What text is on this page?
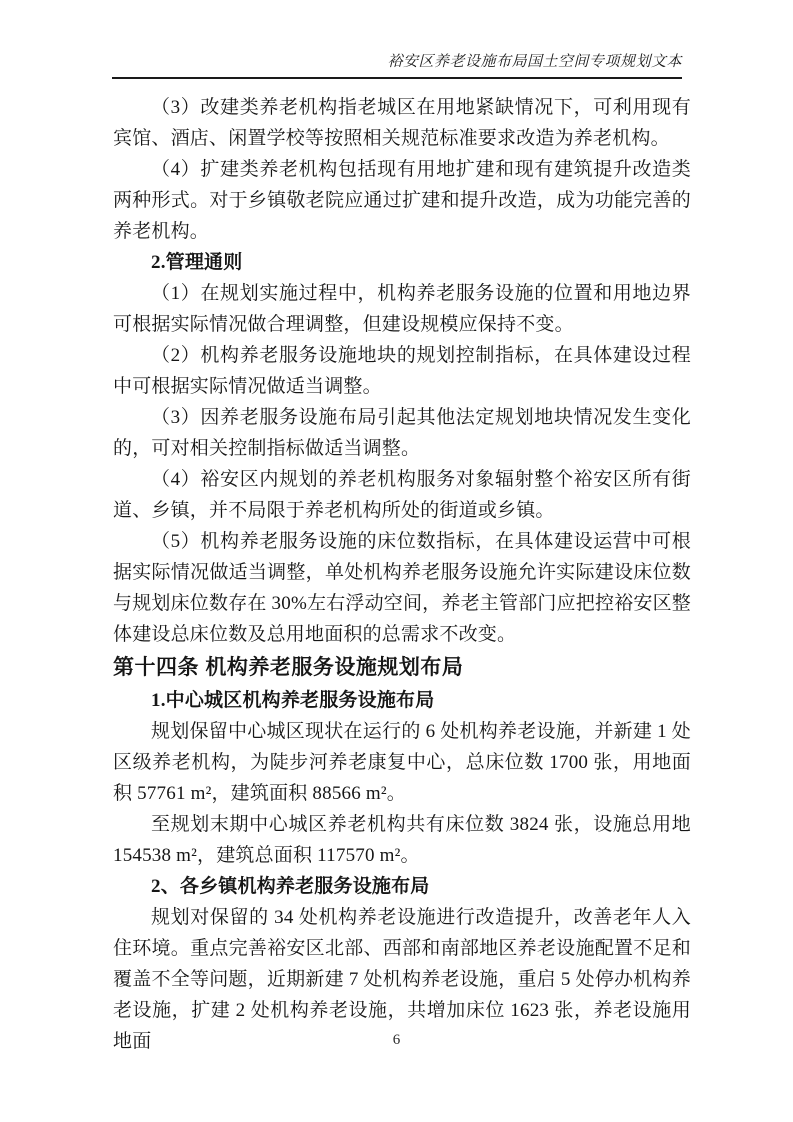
裕安区养老设施布局国土空间专项规划文本

（3）改建类养老机构指老城区在用地紧缺情况下，可利用现有宾馆、酒店、闲置学校等按照相关规范标准要求改造为养老机构。

（4）扩建类养老机构包括现有用地扩建和现有建筑提升改造类两种形式。对于乡镇敬老院应通过扩建和提升改造，成为功能完善的养老机构。

2.管理通则

（1）在规划实施过程中，机构养老服务设施的位置和用地边界可根据实际情况做合理调整，但建设规模应保持不变。

（2）机构养老服务设施地块的规划控制指标，在具体建设过程中可根据实际情况做适当调整。

（3）因养老服务设施布局引起其他法定规划地块情况发生变化的，可对相关控制指标做适当调整。

（4）裕安区内规划的养老机构服务对象辐射整个裕安区所有街道、乡镇，并不局限于养老机构所处的街道或乡镇。

（5）机构养老服务设施的床位数指标，在具体建设运营中可根据实际情况做适当调整，单处机构养老服务设施允许实际建设床位数与规划床位数存在 30%左右浮动空间，养老主管部门应把控裕安区整体建设总床位数及总用地面积的总需求不改变。

第十四条 机构养老服务设施规划布局

1.中心城区机构养老服务设施布局

规划保留中心城区现状在运行的 6 处机构养老设施，并新建 1 处区级养老机构，为陡步河养老康复中心，总床位数 1700 张，用地面积 57761 m²，建筑面积 88566 m²。

至规划末期中心城区养老机构共有床位数 3824 张，设施总用地 154538 m²，建筑总面积 117570 m²。

2、各乡镇机构养老服务设施布局

规划对保留的 34 处机构养老设施进行改造提升，改善老年人入住环境。重点完善裕安区北部、西部和南部地区养老设施配置不足和覆盖不全等问题，近期新建 7 处机构养老设施，重启 5 处停办机构养老设施，扩建 2 处机构养老设施，共增加床位 1623 张，养老设施用地面	6
